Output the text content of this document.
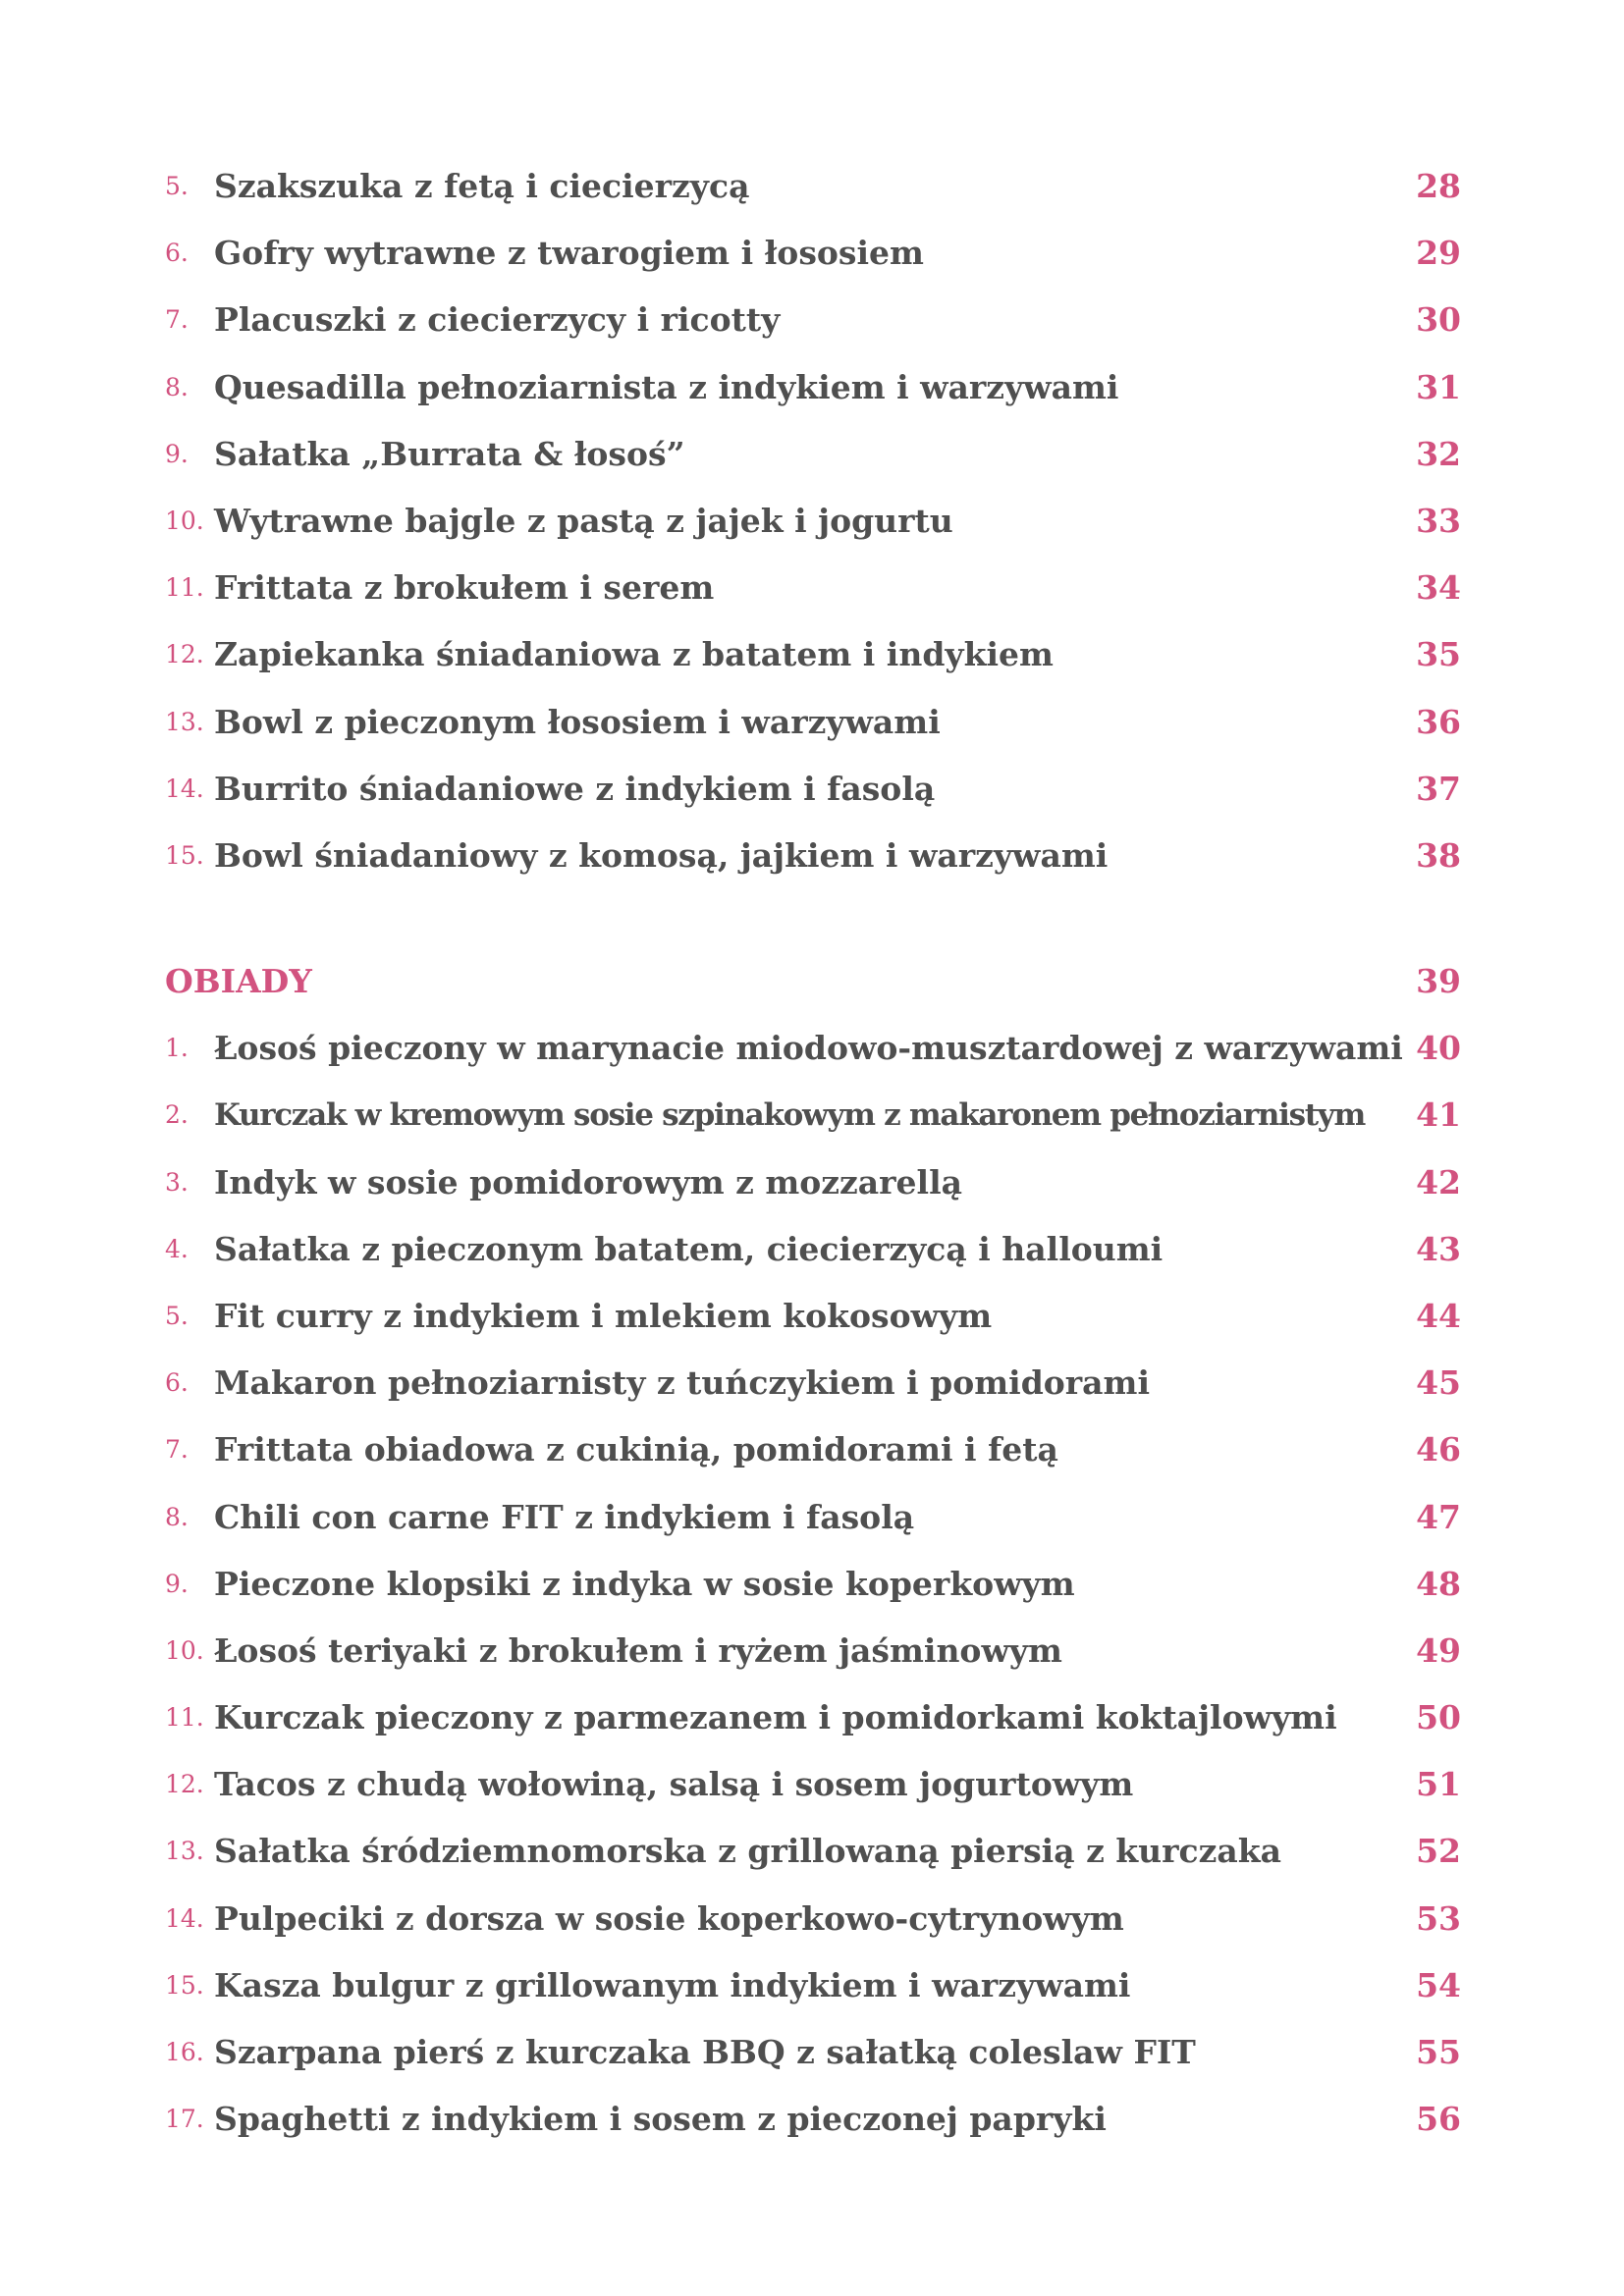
5. Szakszuka z fetą i ciecierzycą	28
6. Gofry wytrawne z twarogiem i łososiem	29
7. Placuszki z ciecierzycy i ricotty	30
8. Quesadilla pełnoziarnista z indykiem i warzywami	31
9. Sałatka „Burrata & łosoś”	32
10. Wytrawne bajgle z pastą z jajek i jogurtu	33
11. Frittata z brokułem i serem	34
12. Zapiekanka śniadaniowa z batatem i indykiem	35
13. Bowl z pieczonym łososiem i warzywami	36
14. Burrito śniadaniowe z indykiem i fasolą	37
15. Bowl śniadaniowy z komosą, jajkiem i warzywami	38
OBIADY	39
1. Łosoś pieczony w marynacie miodowo-musztardowej z warzywami 40
2. Kurczak w kremowym sosie szpinakowym z makaronem pełnoziarnistym 41
3. Indyk w sosie pomidorowym z mozzarellą	42
4. Sałatka z pieczonym batatem, ciecierzycą i halloumi	43
5. Fit curry z indykiem i mlekiem kokosowym	44
6. Makaron pełnoziarnisty z tuńczykiem i pomidorami	45
7. Frittata obiadowa z cukinią, pomidorami i fetą	46
8. Chili con carne FIT z indykiem i fasolą	47
9. Pieczone klopsiki z indyka w sosie koperkowym	48
10. Łosoś teriyaki z brokułem i ryżem jaśminowym	49
11. Kurczak pieczony z parmezanem i pomidorkami koktajlowymi 50
12. Tacos z chudą wołowiną, salsą i sosem jogurtowym	51
13. Sałatka śródziemnomorska z grillowaną piersią z kurczaka	52
14. Pulpeciki z dorsza w sosie koperkowo-cytrynowym	53
15. Kasza bulgur z grillowanym indykiem i warzywami	54
16. Szarpana pierś z kurczaka BBQ z sałatką coleslaw FIT	55
17. Spaghetti z indykiem i sosem z pieczonej papryki	56
